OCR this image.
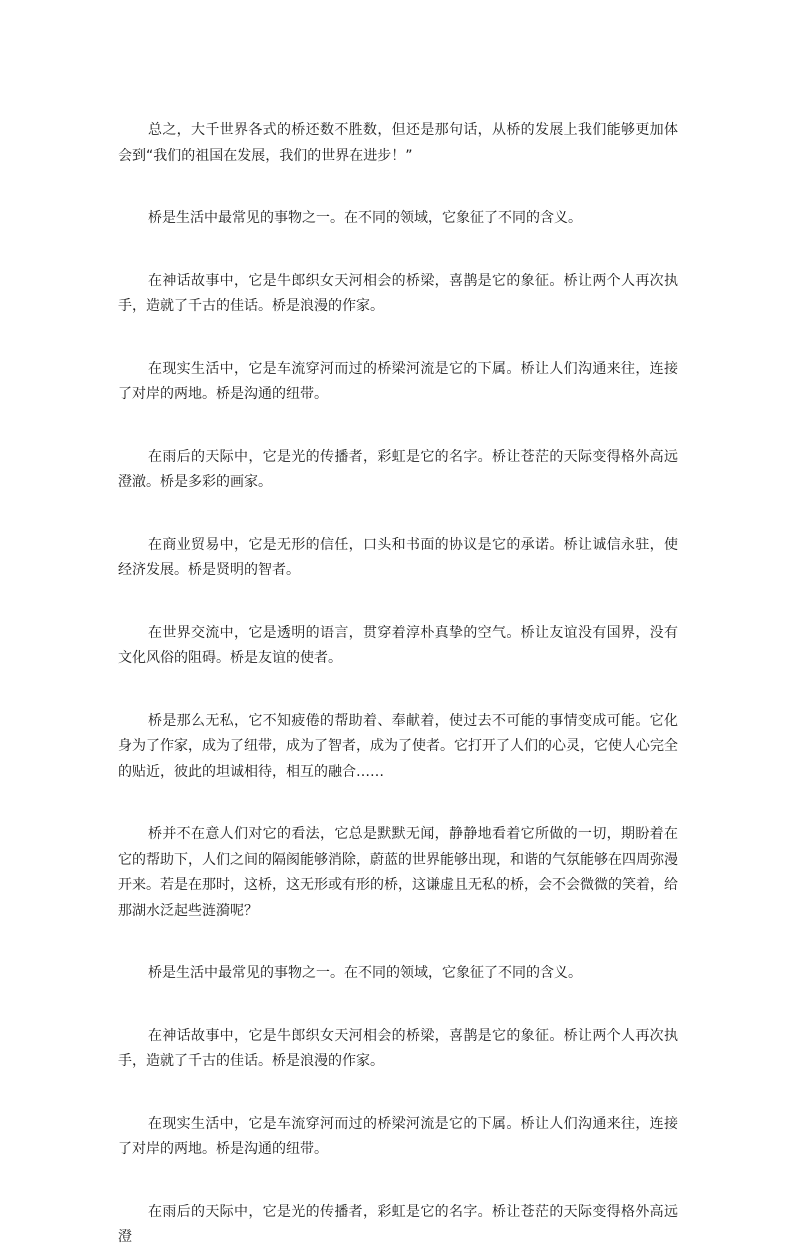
总之，大千世界各式的桥还数不胜数，但还是那句话，从桥的发展上我们能够更加体会到“我们的祖国在发展，我们的世界在进步！”

桥是生活中最常见的事物之一。在不同的领域，它象征了不同的含义。

在神话故事中，它是牛郎织女天河相会的桥梁，喜鹊是它的象征。桥让两个人再次执手，造就了千古的佳话。桥是浪漫的作家。

在现实生活中，它是车流穿河而过的桥梁河流是它的下属。桥让人们沟通来往，连接了对岸的两地。桥是沟通的纽带。

在雨后的天际中，它是光的传播者，彩虹是它的名字。桥让苍茫的天际变得格外高远澄澈。桥是多彩的画家。

在商业贸易中，它是无形的信任，口头和书面的协议是它的承诺。桥让诚信永驻，使经济发展。桥是贤明的智者。

在世界交流中，它是透明的语言，贯穿着淳朴真挚的空气。桥让友谊没有国界，没有文化风俗的阻碍。桥是友谊的使者。

桥是那么无私，它不知疲倦的帮助着、奉献着，使过去不可能的事情变成可能。它化身为了作家，成为了纽带，成为了智者，成为了使者。它打开了人们的心灵，它使人心完全的贴近，彼此的坦诚相待，相互的融合……

桥并不在意人们对它的看法，它总是默默无闻，静静地看着它所做的一切，期盼着在它的帮助下，人们之间的隔阂能够消除，蔚蓝的世界能够出现，和谐的气氛能够在四周弥漫开来。若是在那时，这桥，这无形或有形的桥，这谦虚且无私的桥，会不会微微的笑着，给那湖水泛起些涟漪呢？

桥是生活中最常见的事物之一。在不同的领域，它象征了不同的含义。

在神话故事中，它是牛郎织女天河相会的桥梁，喜鹊是它的象征。桥让两个人再次执手，造就了千古的佳话。桥是浪漫的作家。

在现实生活中，它是车流穿河而过的桥梁河流是它的下属。桥让人们沟通来往，连接了对岸的两地。桥是沟通的纽带。

在雨后的天际中，它是光的传播者，彩虹是它的名字。桥让苍茫的天际变得格外高远澄
